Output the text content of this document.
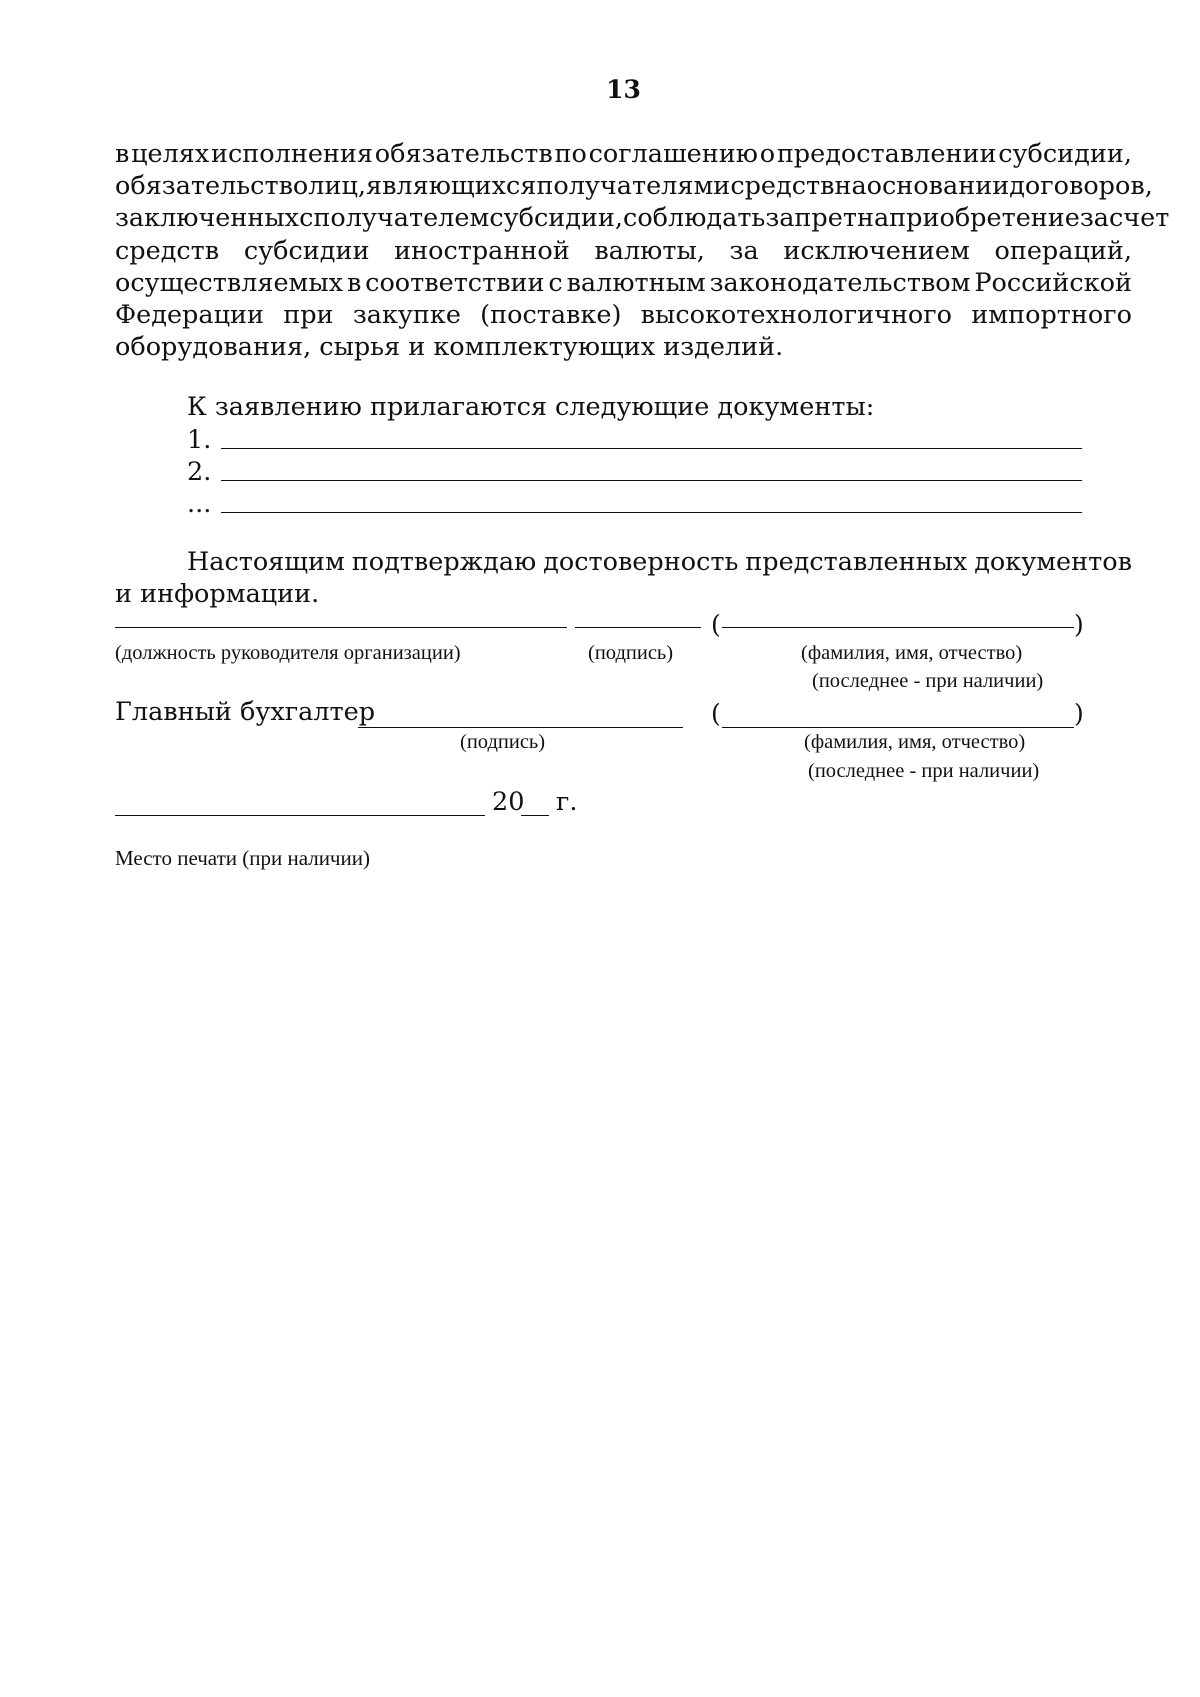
13
в целях исполнения обязательств по соглашению о предоставлении субсидии,
обязательство лиц, являющихся получателями средств на основании договоров,
заключенных с получателем субсидии, соблюдать запрет на приобретение за счет
средств субсидии иностранной валюты, за исключением операций,
осуществляемых в соответствии с валютным законодательством Российской
Федерации при закупке (поставке) высокотехнологичного импортного
оборудования, сырья и комплектующих изделий.
К заявлению прилагаются следующие документы:
1.
2.
...
Настоящим подтверждаю достоверность представленных документов
и информации.
(	)
(должность руководителя организации)	(подпись)	(фамилия, имя, отчество)
(последнее - при наличии)
Главный бухгалтер	(	)
(подпись)	(фамилия, имя, отчество)
(последнее - при наличии)
20 г.
Место печати (при наличии)
